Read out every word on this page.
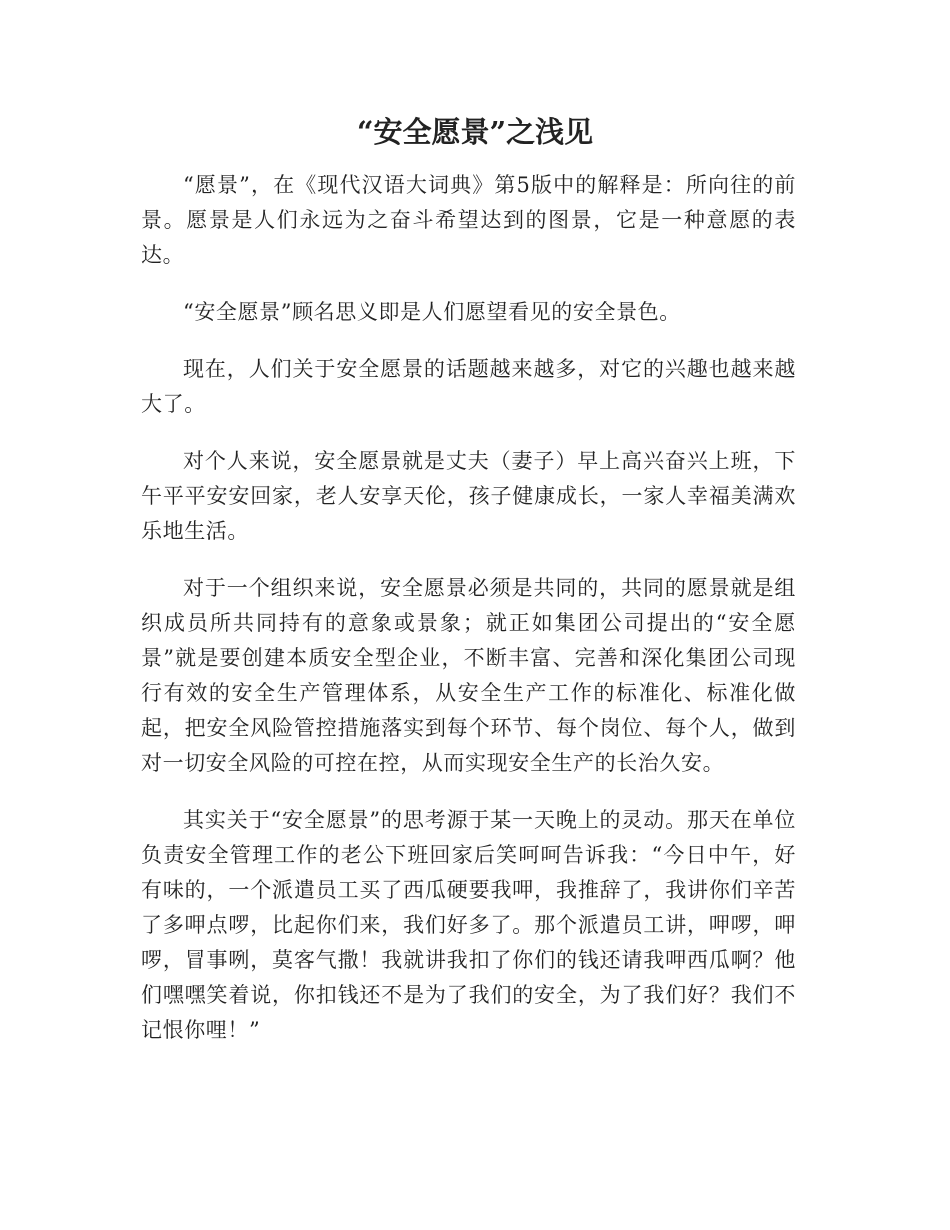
“安全愿景”之浅见

“愿景”，在《现代汉语大词典》第5版中的解释是：所向往的前景。愿景是人们永远为之奋斗希望达到的图景，它是一种意愿的表达。

“安全愿景”顾名思义即是人们愿望看见的安全景色。

现在，人们关于安全愿景的话题越来越多，对它的兴趣也越来越大了。

对个人来说，安全愿景就是丈夫（妻子）早上高兴奋兴上班，下午平平安安回家，老人安享天伦，孩子健康成长，一家人幸福美满欢乐地生活。

对于一个组织来说，安全愿景必须是共同的，共同的愿景就是组织成员所共同持有的意象或景象；就正如集团公司提出的“安全愿景”就是要创建本质安全型企业，不断丰富、完善和深化集团公司现行有效的安全生产管理体系，从安全生产工作的标准化、标准化做起，把安全风险管控措施落实到每个环节、每个岗位、每个人，做到对一切安全风险的可控在控，从而实现安全生产的长治久安。

其实关于“安全愿景”的思考源于某一天晚上的灵动。那天在单位负责安全管理工作的老公下班回家后笑呵呵告诉我：“今日中午，好有味的，一个派遣员工买了西瓜硬要我呷，我推辞了，我讲你们辛苦了多呷点啰，比起你们来，我们好多了。那个派遣员工讲，呷啰，呷啰，冒事咧，莫客气撒！我就讲我扣了你们的钱还请我呷西瓜啊？他们嘿嘿笑着说，你扣钱还不是为了我们的安全，为了我们好？我们不记恨你哩！”
